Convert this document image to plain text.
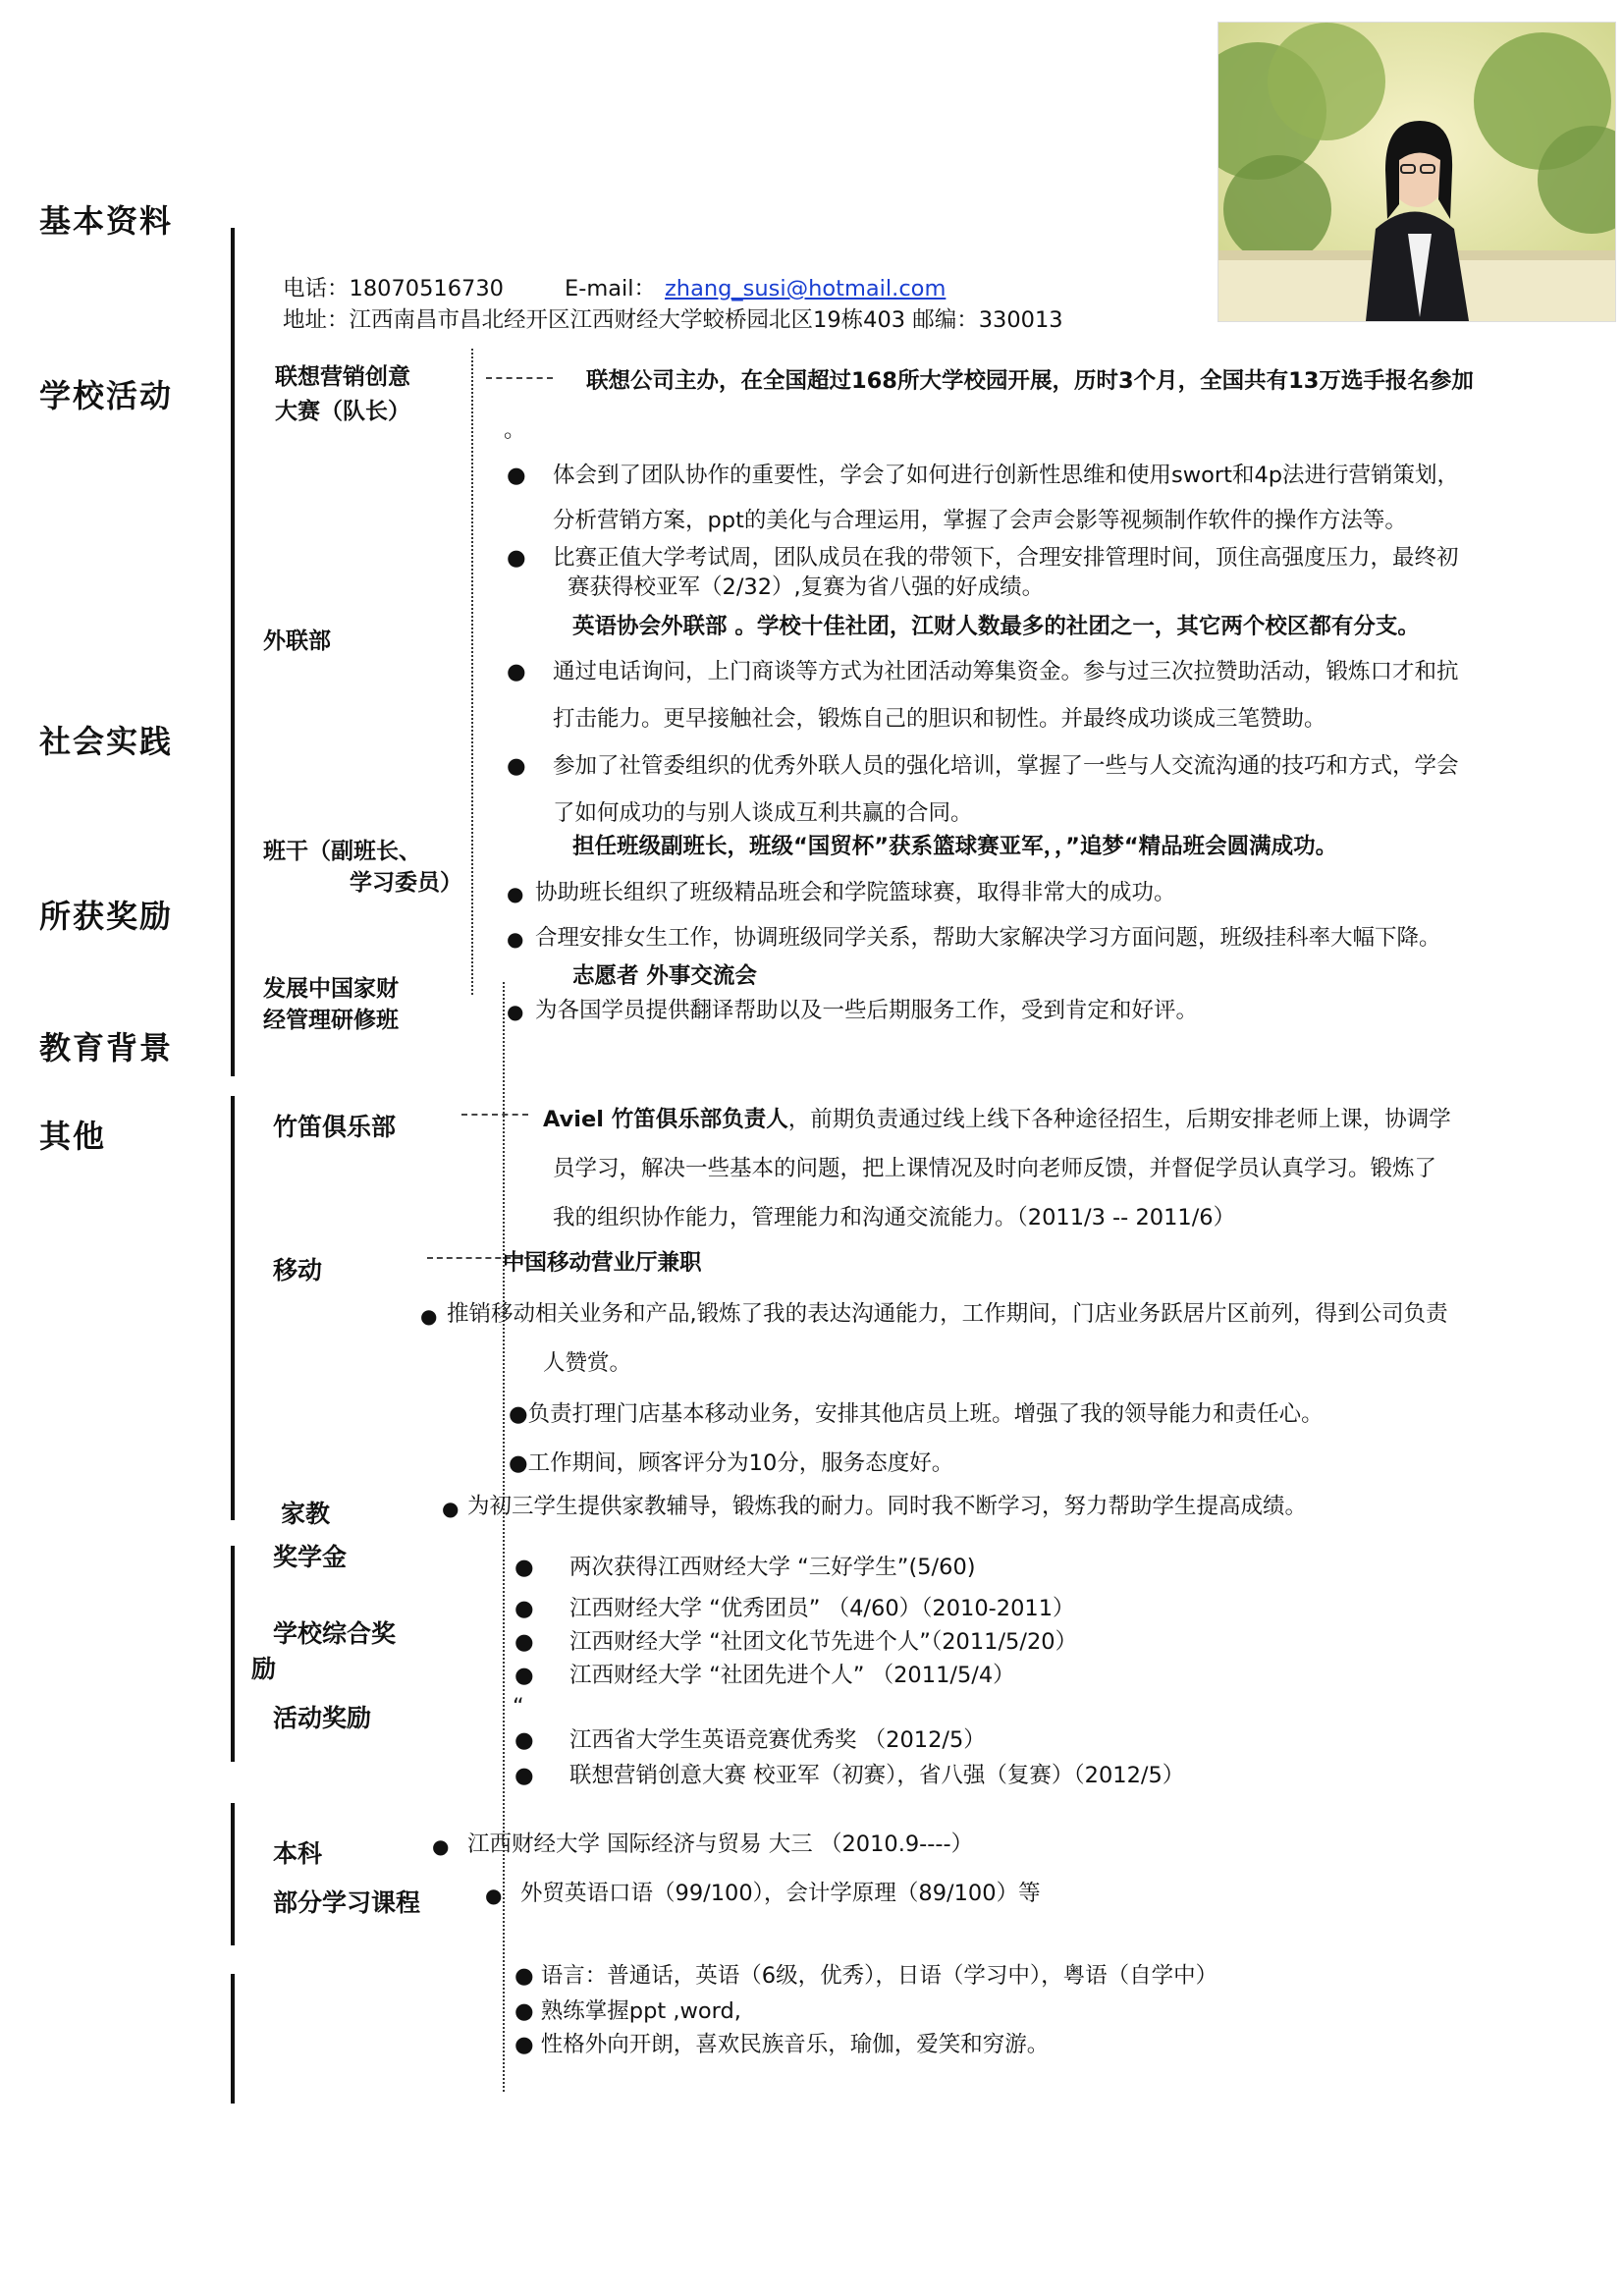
基本资料
学校活动
社会实践
所获奖励
教育背景
其他
电话：18070516730	E-mail： zhang_susi@hotmail.com
地址：江西南昌市昌北经开区江西财经大学蛟桥园北区19栋403 邮编：330013
联想营销创意
大赛（队长）
联想公司主办，在全国超过168所大学校园开展，历时3个月，全国共有13万选手报名参加
。
● 体会到了团队协作的重要性，学会了如何进行创新性思维和使用swort和4p法进行营销策划，
分析营销方案，ppt的美化与合理运用，掌握了会声会影等视频制作软件的操作方法等。
● 比赛正值大学考试周，团队成员在我的带领下，合理安排管理时间，顶住高强度压力，最终初
赛获得校亚军（2/32）,复赛为省八强的好成绩。
外联部
英语协会外联部 。学校十佳社团，江财人数最多的社团之一，其它两个校区都有分支。
● 通过电话询问，上门商谈等方式为社团活动筹集资金。参与过三次拉赞助活动，锻炼口才和抗
打击能力。更早接触社会，锻炼自己的胆识和韧性。并最终成功谈成三笔赞助。
● 参加了社管委组织的优秀外联人员的强化培训，掌握了一些与人交流沟通的技巧和方式，学会
了如何成功的与别人谈成互利共赢的合同。
班干（副班长、
学习委员）
担任班级副班长，班级“国贸杯”获系篮球赛亚军，，”追梦“精品班会圆满成功。
● 协助班长组织了班级精品班会和学院篮球赛，取得非常大的成功。
● 合理安排女生工作，协调班级同学关系，帮助大家解决学习方面问题，班级挂科率大幅下降。
发展中国家财
经管理研修班
志愿者 外事交流会
● 为各国学员提供翻译帮助以及一些后期服务工作，受到肯定和好评。
竹笛俱乐部	Aviel 竹笛俱乐部负责人，前期负责通过线上线下各种途径招生，后期安排老师上课，协调学
员学习，解决一些基本的问题，把上课情况及时向老师反馈，并督促学员认真学习。锻炼了
我的组织协作能力，管理能力和沟通交流能力。（2011/3 -- 2011/6）
移动	中国移动营业厅兼职
● 推销移动相关业务和产品,锻炼了我的表达沟通能力，工作期间，门店业务跃居片区前列，得到公司负责
人赞赏。
●负责打理门店基本移动业务，安排其他店员上班。增强了我的领导能力和责任心。
●工作期间，顾客评分为10分，服务态度好。
家教	● 为初三学生提供家教辅导，锻炼我的耐力。同时我不断学习，努力帮助学生提高成绩。
奖学金
学校综合奖
励
活动奖励
● 两次获得江西财经大学 “三好学生”(5/60)
● 江西财经大学 “优秀团员” （4/60）（2010-2011）
● 江西财经大学 “社团文化节先进个人”（2011/5/20）
● 江西财经大学 “社团先进个人” （2011/5/4）
“
● 江西省大学生英语竞赛优秀奖 （2012/5）
● 联想营销创意大赛 校亚军（初赛），省八强（复赛）（2012/5）
本科	● 江西财经大学 国际经济与贸易 大三 （2010.9----）
部分学习课程	● 外贸英语口语（99/100），会计学原理（89/100）等
● 语言：普通话，英语（6级，优秀），日语（学习中），粤语（自学中）
● 熟练掌握ppt ,word,
● 性格外向开朗，喜欢民族音乐，瑜伽，爱笑和穷游。
